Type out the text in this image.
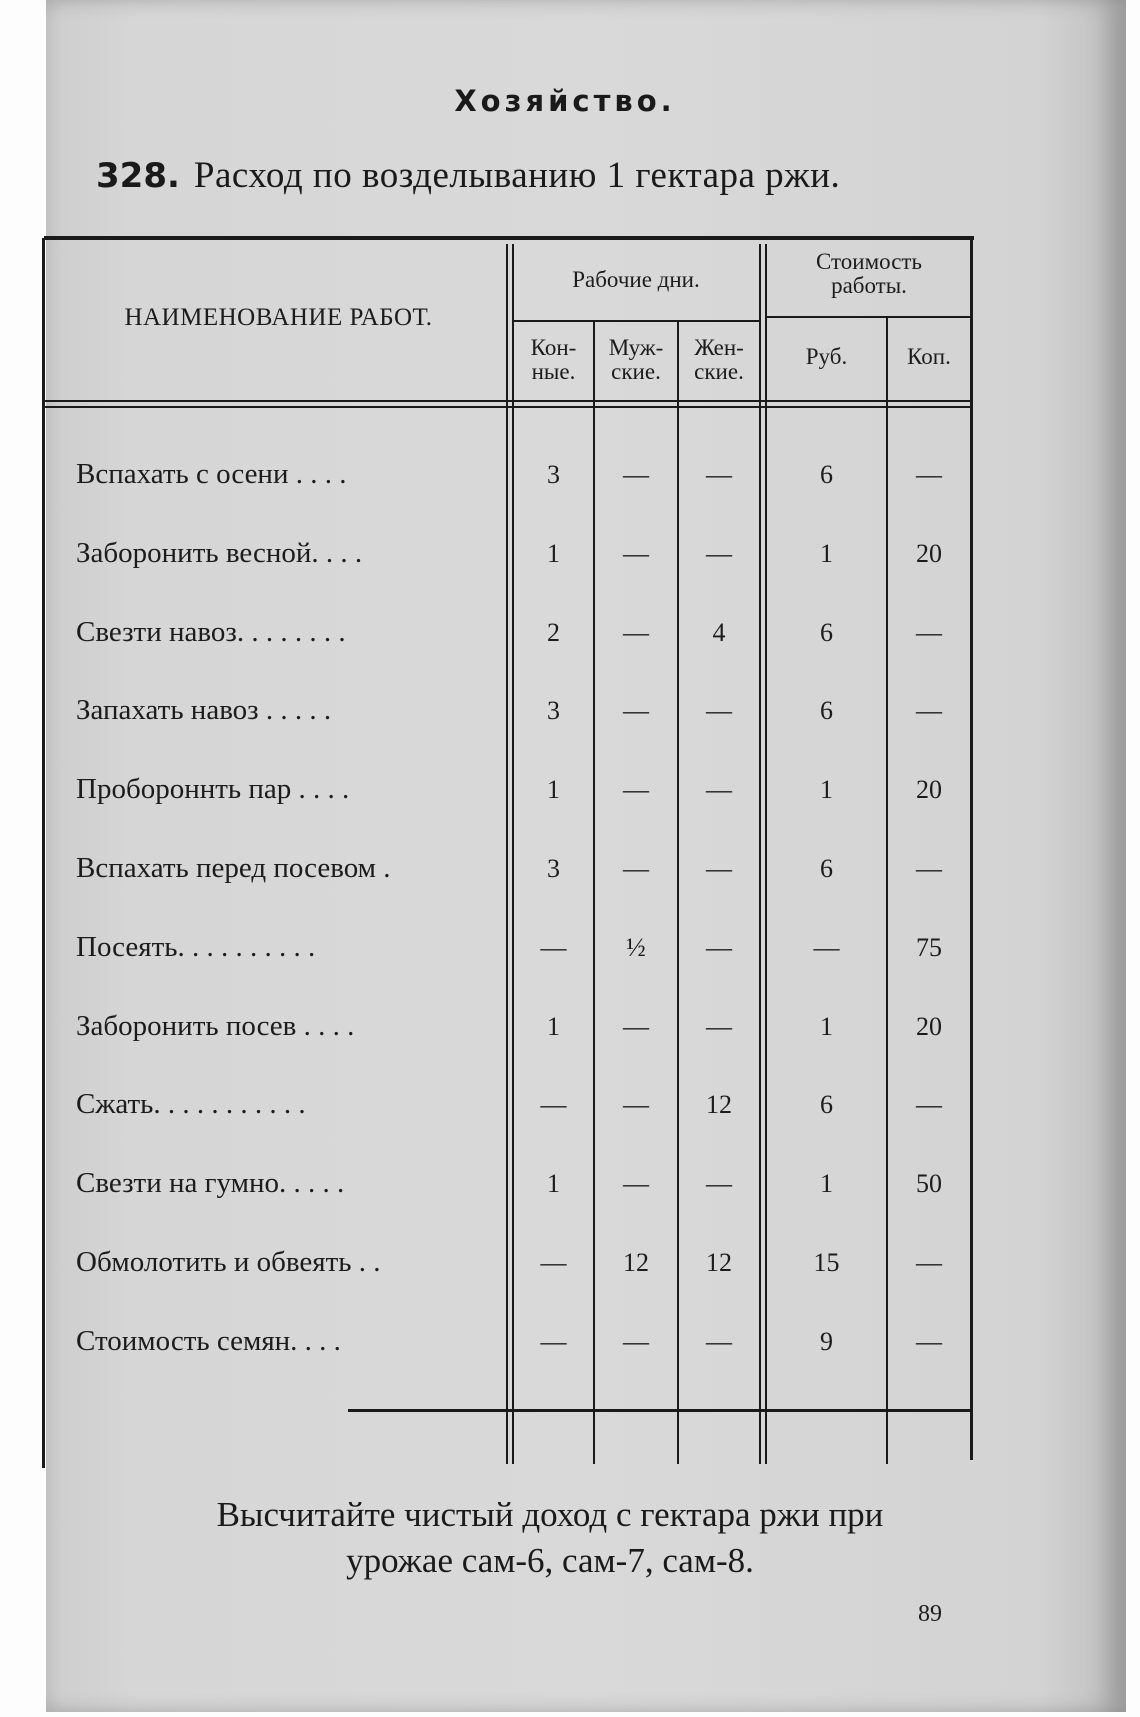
Хозяйство.
328. Расход по возделыванию 1 гектара ржи.
НАИМЕНОВАНИЕ РАБОТ.
Рабочие дни.
Стоимость
работы.
Кон-
ные.
Муж-
ские.
Жен-
ские.
Руб.	Коп.
Вспахать с осени . . . .	3	—	—	6	—
Заборонить весной. . . .	1	—	—	1	20
Свезти навоз. . . . . . . .	2	—	4	6	—
Запахать навоз . . . . .	3	—	—	6	—
Пробороннть пар . . . .	1	—	—	1	20
Вспахать перед посевом .	3	—	—	6	—
Посеять. . . . . . . . . .	—	½	—	—	75
Заборонить посев . . . .	1	—	—	1	20
Сжать. . . . . . . . . . .	—	—	12	6	—
Свезти на гумно. . . . .	1	—	—	1	50
Обмолотить и обвеять . .	—	12	12	15	—
Стоимость семян. . . .	—	—	—	9	—
Высчитайте чистый доход с гектара ржи при
урожае сам-6, сам-7, сам-8.
89
